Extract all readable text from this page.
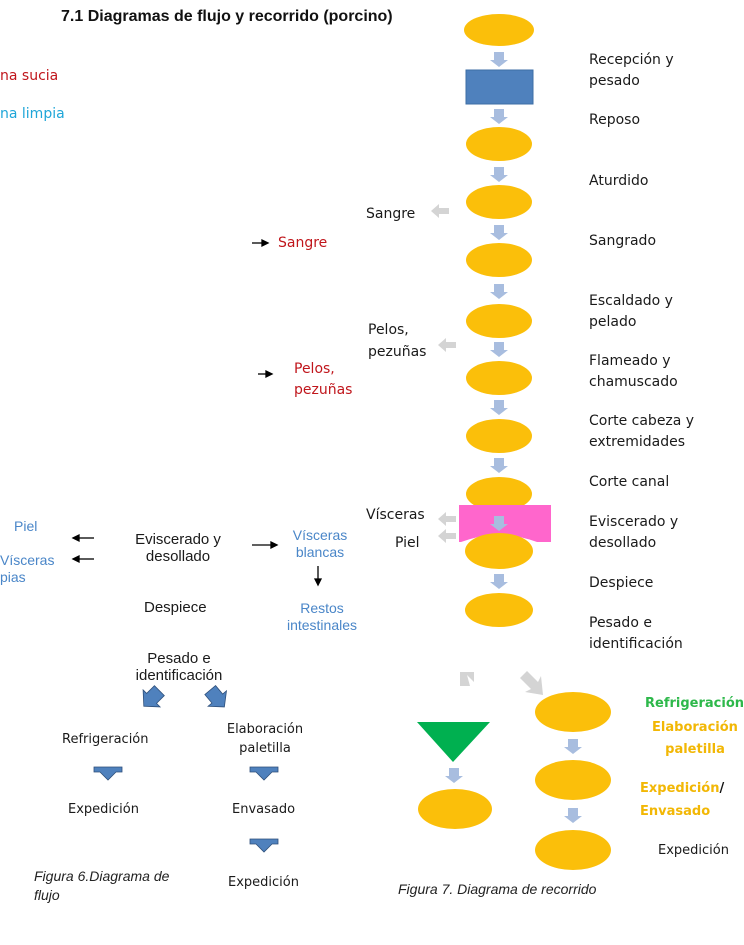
7.1 Diagramas de flujo y recorrido (porcino)
na sucia
na limpia
Recepción y pesado
Reposo
Aturdido
Sangrado
Escaldado y pelado
Flameado y chamuscado
Corte cabeza y extremidades
Corte canal
Eviscerado y desollado
Despiece
Pesado e identificación
Sangre
Pelos,
pezuñas
Vísceras
Piel
Sangre
Pelos,
pezuñas
Eviscerado y
desollado
Despiece
Pesado e
identificación
Piel
Vísceras
pias
Vísceras
blancas
Restos
intestinales
Refrigeración
Expedición
Elaboración
paletilla
Envasado
Expedición
Refrigeración
Elaboración
paletilla
Expedición/
Envasado
Expedición
Figura 6.Diagrama de
flujo	Figura 7. Diagrama de recorrido
